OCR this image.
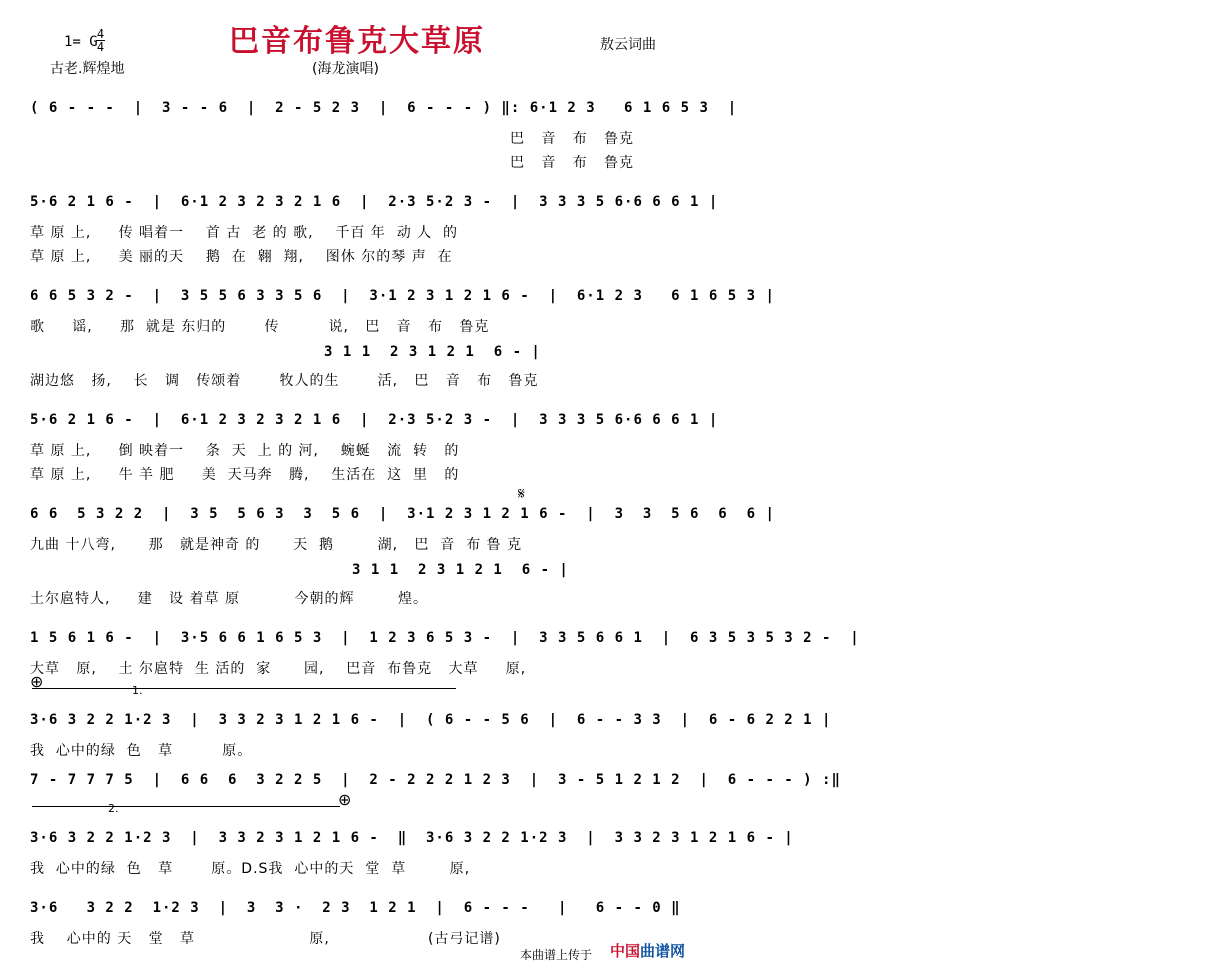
巴音布鲁克大草原
1= G 4
4
古老.辉煌地
敖云词曲
(海龙演唱)
( 6 - - -  |  3 - - 6  |  2 - 5 2 3  |  6 - - - ) ‖: 6·1 2 3   6 1 6 5 3  |
巴   音   布   鲁克
巴   音   布   鲁克
5·6 2 1 6 -  |  6·1 2 3 2 3 2 1 6  |  2·3 5·2 3 -  |  3 3 3 5 6·6 6 6 1 |
草 原 上,     传 唱着一    首 古  老 的 歌,    千百 年  动 人  的
草 原 上,     美 丽的天    鹅  在  翱  翔,    图休 尔的琴 声  在
6 6 5 3 2 -  |  3 5 5 6 3 3 5 6  |  3·1 2 3 1 2 1 6 -  |  6·1 2 3   6 1 6 5 3 |
歌     谣,     那  就是 东归的       传         说,   巴   音   布   鲁克
3 1 1  2 3 1 2 1  6 - |
湖边悠   扬,    长   调   传颂着       牧人的生       活,   巴   音   布   鲁克
5·6 2 1 6 -  |  6·1 2 3 2 3 2 1 6  |  2·3 5·2 3 -  |  3 3 3 5 6·6 6 6 1 |
草 原 上,     倒 映着一    条  天  上 的 河,    蜿蜒   流  转   的
草 原 上,     牛 羊 肥     美  天马奔   腾,    生活在  这  里   的
6 6  5 3 2 2  |  3 5  5 6 3  3  5 6  |  3·1 2 3 1 2 1 6 -  |  3  3  5 6  6  6 |
九曲 十八弯,      那   就是神奇 的      天  鹅        湖,   巴  音  布 鲁 克
3 1 1  2 3 1 2 1  6 - |
土尔扈特人,     建   设 着草 原          今朝的辉        煌。
1 5 6 1 6 -  |  3·5 6 6 1 6 5 3  |  1 2 3 6 5 3 -  |  3 3 5 6 6 1  |  6 3 5 3 5 3 2 -  |
大草   原,    土 尔扈特  生 活的  家      园,    巴音  布鲁克   大草     原,
3·6 3 2 2 1·2 3  |  3 3 2 3 1 2 1 6 -  |  ( 6 - - 5 6  |  6 - - 3 3  |  6 - 6 2 2 1 |
我  心中的绿  色   草         原。
7 - 7 7 7 5  |  6 6  6  3 2 2 5  |  2 - 2 2 2 1 2 3  |  3 - 5 1 2 1 2  |  6 - - - ) :‖
3·6 3 2 2 1·2 3  |  3 3 2 3 1 2 1 6 -  ‖  3·6 3 2 2 1·2 3  |  3 3 2 3 1 2 1 6 - |
我  心中的绿  色   草       原。D.S我  心中的天  堂  草        原,
3·6   3 2 2  1·2 3  |  3  3 ·  2 3  1 2 1  |  6 - - -   |   6 - - 0 ‖
我    心中的 天   堂   草                     原,                  (古弓记谱)
⊕
⊕
𝄋
1.
2.
本曲谱上传于 中国曲谱网
